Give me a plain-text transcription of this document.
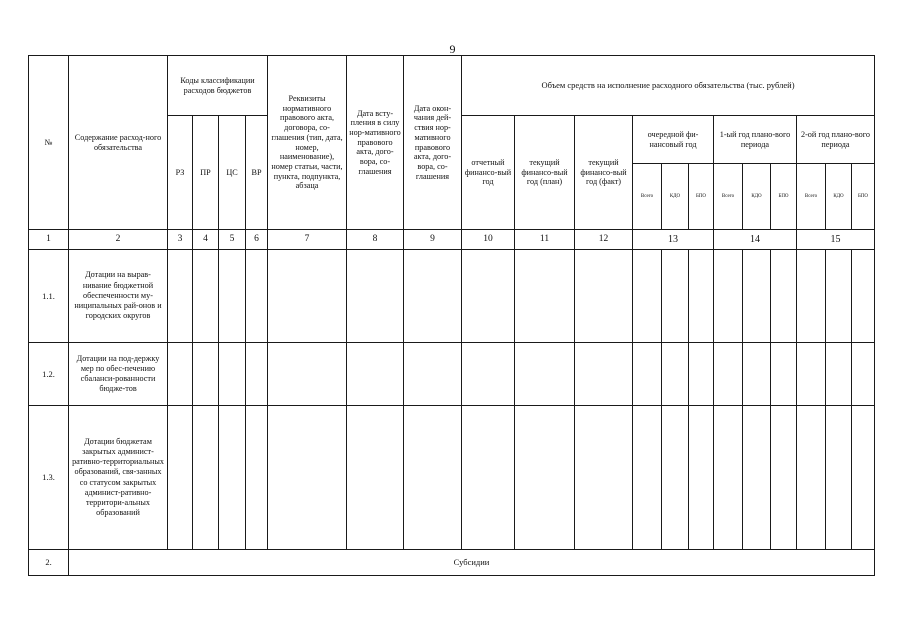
9
№	Содержание расход-ного обязательства	Коды классификации расходов бюджетов				Реквизиты нормативного правового акта, договора, со-глашения (тип, дата, номер, наименование), номер статьи, части, пункта, подпункта, абзаца	Дата всту-пления в силу нор-мативного правового акта, дого-вора, со-глашения	Дата окон-чания дей-ствия нор-мативного правового акта, дого-вора, со-глашения	Объем средств на исполнение расходного обязательства (тыс. рублей)											

		РЗ	ПР	ЦС	ВР				отчетный финансо-вый год	текущий финансо-вый год (план)	текущий финансо-вый год (факт)	очередной фи-нансовый год			1-ый год плано-вого периода			2-ой год плано-вого периода		

												Всего	КДО	БПО	Всего	КДО	БПО	Всего	КДО	БПО
1	2	3	4	5	6	7	8	9	10	11	12	13			14			15		
1.1.	Дотации на вырав-нивание бюджетной обеспеченности му-ниципальных рай-онов и городских округов																			
1.2.	Дотации на под-держку мер по обес-печению сбаланси-рованности бюдже-тов																			
1.3.	Дотации бюджетам закрытых админист-ративно-территориальных образований, свя-занных со статусом закрытых админист-ративно- территори-альных образований																			
2.	Субсидии																			
